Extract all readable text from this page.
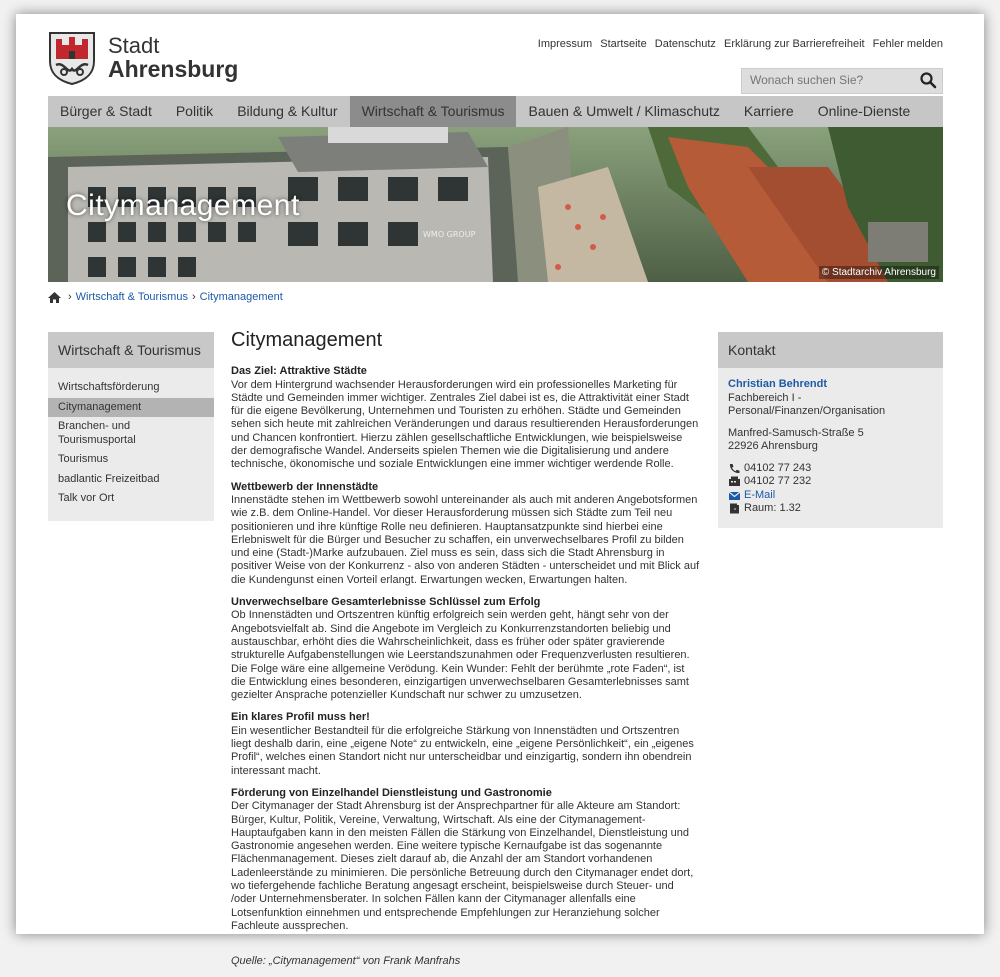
Stadt
Ahrensburg
Impressum Startseite Datenschutz Erklärung zur Barrierefreiheit Fehler melden
Wonach suchen Sie?
Bürger & Stadt	Politik	Bildung & Kultur	Wirtschaft & Tourismus	Bauen & Umwelt / Klimaschutz	Karriere	Online-Dienste
WMO GROUP
Citymanagement
© Stadtarchiv Ahrensburg
› Wirtschaft & Tourismus › Citymanagement
Wirtschaft & Tourismus
Wirtschaftsförderung
Citymanagement
Branchen- und Tourismusportal
Tourismus
badlantic Freizeitbad
Talk vor Ort
Citymanagement
Das Ziel: Attraktive Städte

Vor dem Hintergrund wachsender Herausforderungen wird ein professionelles Marketing für Städte und Gemeinden immer wichtiger. Zentrales Ziel dabei ist es, die Attraktivität einer Stadt für die eigene Bevölkerung, Unternehmen und Touristen zu erhöhen. Städte und Gemeinden sehen sich heute mit zahlreichen Veränderungen und daraus resultierenden Herausforderungen und Chancen konfrontiert. Hierzu zählen gesellschaftliche Entwicklungen, wie beispielsweise der demografische Wandel. Anderseits spielen Themen wie die Digitalisierung und andere technische, ökonomische und soziale Entwicklungen eine immer wichtiger werdende Rolle.

Wettbewerb der Innenstädte

Innenstädte stehen im Wettbewerb sowohl untereinander als auch mit anderen Angebotsformen wie z.B. dem Online-Handel. Vor dieser Herausforderung müssen sich Städte zum Teil neu positionieren und ihre künftige Rolle neu definieren. Hauptansatzpunkte sind hierbei eine Erlebniswelt für die Bürger und Besucher zu schaffen, ein unverwechselbares Profil zu bilden und eine (Stadt-)Marke aufzubauen. Ziel muss es sein, dass sich die Stadt Ahrensburg in positiver Weise von der Konkurrenz - also von anderen Städten - unterscheidet und mit Blick auf die Kundengunst einen Vorteil erlangt. Erwartungen wecken, Erwartungen halten.

Unverwechselbare Gesamterlebnisse Schlüssel zum Erfolg

Ob Innenstädten und Ortszentren künftig erfolgreich sein werden geht, hängt sehr von der Angebotsvielfalt ab. Sind die Angebote im Vergleich zu Konkurrenzstandorten beliebig und austauschbar, erhöht dies die Wahrscheinlichkeit, dass es früher oder später gravierende strukturelle Aufgabenstellungen wie Leerstandszunahmen oder Frequenzverlusten resultieren. Die Folge wäre eine allgemeine Verödung. Kein Wunder: Fehlt der berühmte „rote Faden“, ist die Entwicklung eines besonderen, einzigartigen unverwechselbaren Gesamterlebnisses samt gezielter Ansprache potenzieller Kundschaft nur schwer zu umzusetzen.

Ein klares Profil muss her!

Ein wesentlicher Bestandteil für die erfolgreiche Stärkung von Innenstädten und Ortszentren liegt deshalb darin, eine „eigene Note“ zu entwickeln, eine „eigene Persönlichkeit“, ein „eigenes Profil“, welches einen Standort nicht nur unterscheidbar und einzigartig, sondern ihn obendrein interessant macht.

Förderung von Einzelhandel Dienstleistung und Gastronomie

Der Citymanager der Stadt Ahrensburg ist der Ansprechpartner für alle Akteure am Standort: Bürger, Kultur, Politik, Vereine, Verwaltung, Wirtschaft. Als eine der Citymanagement-Hauptaufgaben kann in den meisten Fällen die Stärkung von Einzelhandel, Dienstleistung und Gastronomie angesehen werden. Eine weitere typische Kernaufgabe ist das sogenannte Flächenmanagement. Dieses zielt darauf ab, die Anzahl der am Standort vorhandenen Ladenleerstände zu minimieren. Die persönliche Betreuung durch den Citymanager endet dort, wo tiefergehende fachliche Beratung angesagt erscheint, beispielsweise durch Steuer- und /oder Unternehmensberater. In solchen Fällen kann der Citymanager allenfalls eine Lotsenfunktion einnehmen und entsprechende Empfehlungen zur Heranziehung solcher Fachleute aussprechen.

Quelle: „Citymanagement“ von Frank Manfrahs

Kontakt
Christian Behrendt
Fachbereich I - Personal/Finanzen/Organisation
Manfred-Samusch-Straße 5
22926 Ahrensburg
04102 77 243
04102 77 232
E-Mail
Raum: 1.32
